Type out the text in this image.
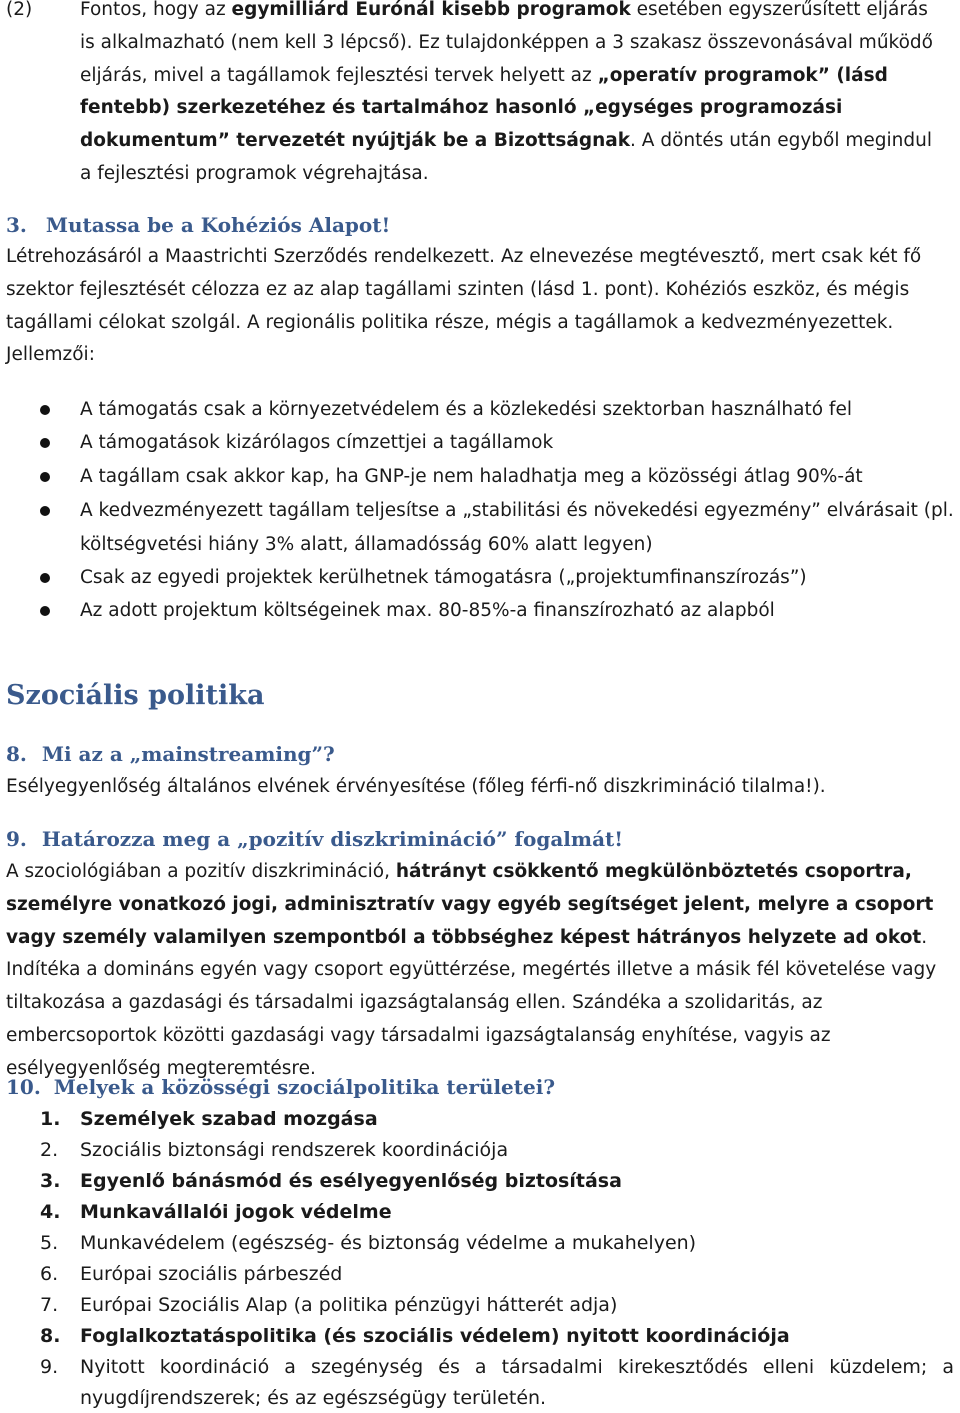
(2)	Fontos, hogy az egymilliárd Eurónál kisebb programok esetében egyszerűsített eljárás is alkalmazható (nem kell 3 lépcső). Ez tulajdonképpen a 3 szakasz összevonásával működő eljárás, mivel a tagállamok fejlesztési tervek helyett az „operatív programok” (lásd fentebb) szerkezetéhez és tartalmához hasonló „egységes programozási dokumentum” tervezetét nyújtják be a Bizottságnak. A döntés után egyből megindul a fejlesztési programok végrehajtása.

3. Mutassa be a Kohéziós Alapot!

Létrehozásáról a Maastrichti Szerződés rendelkezett. Az elnevezése megtévesztő, mert csak két fő szektor fejlesztését célozza ez az alap tagállami szinten (lásd 1. pont). Kohéziós eszköz, és mégis tagállami célokat szolgál. A regionális politika része, mégis a tagállamok a kedvezményezettek. Jellemzői:

A támogatás csak a környezetvédelem és a közlekedési szektorban használható fel
A támogatások kizárólagos címzettjei a tagállamok
A tagállam csak akkor kap, ha GNP-je nem haladhatja meg a közösségi átlag 90%-át
A kedvezményezett tagállam teljesítse a „stabilitási és növekedési egyezmény” elvárásait (pl.
költségvetési hiány 3% alatt, államadósság 60% alatt legyen)
Csak az egyedi projektek kerülhetnek támogatásra („projektumfinanszírozás”)
Az adott projektum költségeinek max. 80-85%-a finanszírozható az alapból
Szociális politika
8. Mi az a „mainstreaming”?

Esélyegyenlőség általános elvének érvényesítése (főleg férfi-nő diszkrimináció tilalma!).

9. Határozza meg a „pozitív diszkrimináció” fogalmát!

A szociológiában a pozitív diszkrimináció, hátrányt csökkentő megkülönböztetés csoportra, személyre vonatkozó jogi, adminisztratív vagy egyéb segítséget jelent, melyre a csoport vagy személy valamilyen szempontból a többséghez képest hátrányos helyzete ad okot. Indítéka a domináns egyén vagy csoport együttérzése, megértés illetve a másik fél követelése vagy tiltakozása a gazdasági és társadalmi igazságtalanság ellen. Szándéka a szolidaritás, az embercsoportok közötti gazdasági vagy társadalmi igazságtalanság enyhítése, vagyis az esélyegyenlőség megteremtésre.

10. Melyek a közösségi szociálpolitika területei?
1. Személyek szabad mozgása
2. Szociális biztonsági rendszerek koordinációja
3. Egyenlő bánásmód és esélyegyenlőség biztosítása
4. Munkavállalói jogok védelme
5. Munkavédelem (egészség- és biztonság védelme a mukahelyen)
6. Európai szociális párbeszéd
7. Európai Szociális Alap (a politika pénzügyi hátterét adja)
8. Foglalkoztatáspolitika (és szociális védelem) nyitott koordinációja
9. Nyitott koordináció a szegénység és a társadalmi kirekesztődés elleni küzdelem; a
nyugdíjrendszerek; és az egészségügy területén.
